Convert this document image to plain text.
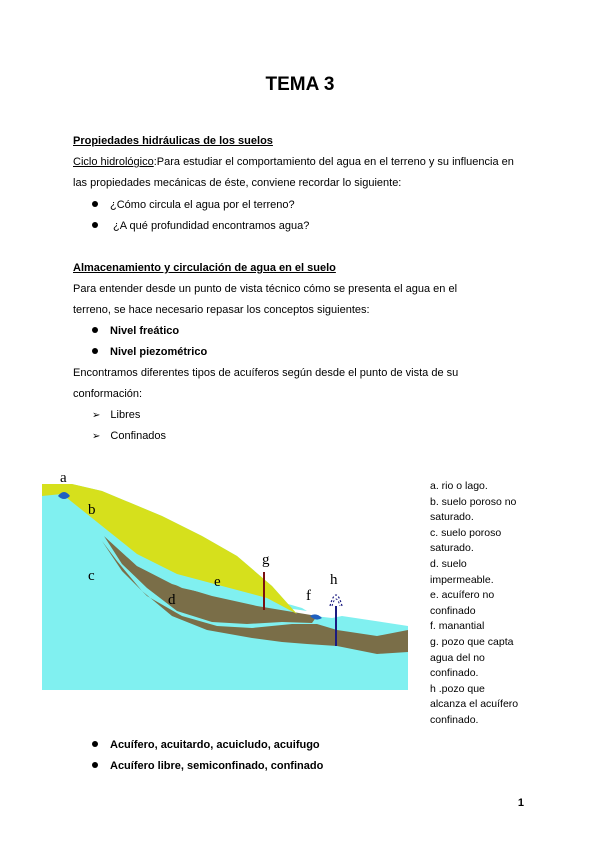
TEMA 3
Propiedades hidráulicas de los suelos
Ciclo hidrológico:Para estudiar el comportamiento del agua en el terreno y su influencia en
las propiedades mecánicas de éste, conviene recordar lo siguiente:
¿Cómo circula el agua por el terreno?
¿A qué profundidad encontramos agua?
Almacenamiento y circulación de agua en el suelo
Para entender desde un punto de vista técnico cómo se presenta el agua en el
terreno, se hace necesario repasar los conceptos siguientes:
Nivel freático
Nivel piezométrico
Encontramos diferentes tipos de acuíferos según desde el punto de vista de su
conformación:
➢ Libres
➢ Confinados
a
b
c
d
e
f
g
h
a. rio o lago.
b. suelo poroso no
saturado.
c. suelo poroso
saturado.
d. suelo
impermeable.
e. acuífero no
confinado
f. manantial
g. pozo que capta
agua del no
confinado.
h .pozo que
alcanza el acuífero
confinado.
Acuífero, acuitardo, acuicludo, acuifugo
Acuífero libre, semiconfinado, confinado
1
